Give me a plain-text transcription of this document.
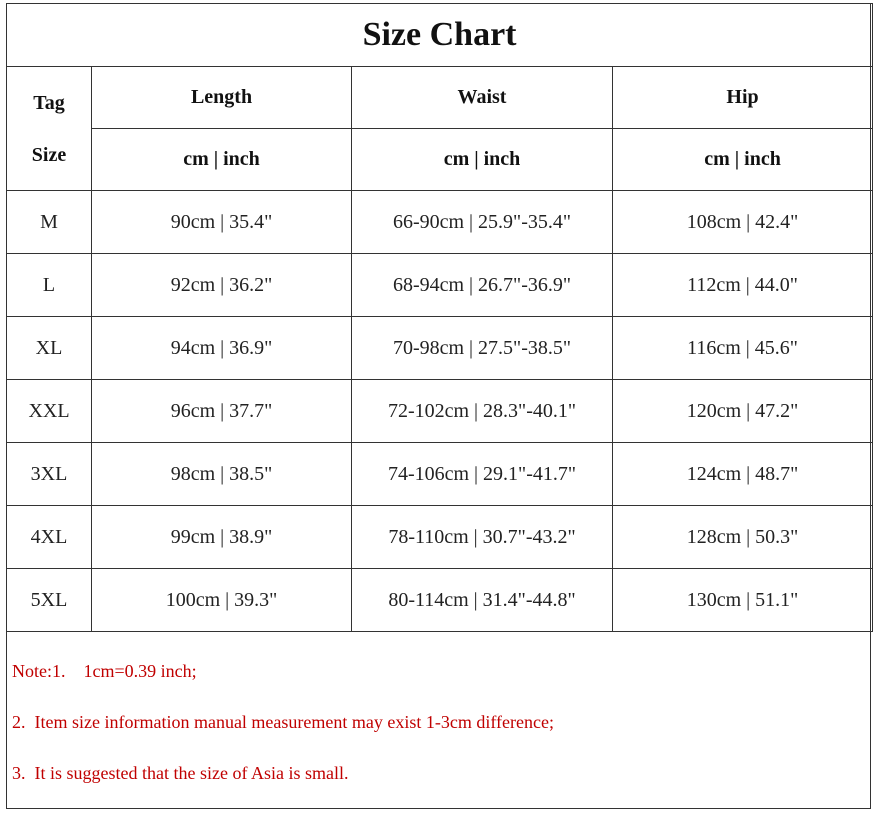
Size Chart			

Tag
Size	Length	Waist	Hip
	cm | inch	cm | inch	cm | inch
M	90cm | 35.4"	66-90cm | 25.9"-35.4"	108cm | 42.4"
L	92cm | 36.2"	68-94cm | 26.7"-36.9"	112cm | 44.0"
XL	94cm | 36.9"	70-98cm | 27.5"-38.5"	116cm | 45.6"
XXL	96cm | 37.7"	72-102cm | 28.3"-40.1"	120cm | 47.2"
3XL	98cm | 38.5"	74-106cm | 29.1"-41.7"	124cm | 48.7"
4XL	99cm | 38.9"	78-110cm | 30.7"-43.2"	128cm | 50.3"
5XL	100cm | 39.3"	80-114cm | 31.4"-44.8"	130cm | 51.1"
Note:1.    1cm=0.39 inch;
2.  Item size information manual measurement may exist 1-3cm difference;
3.  It is suggested that the size of Asia is small.
